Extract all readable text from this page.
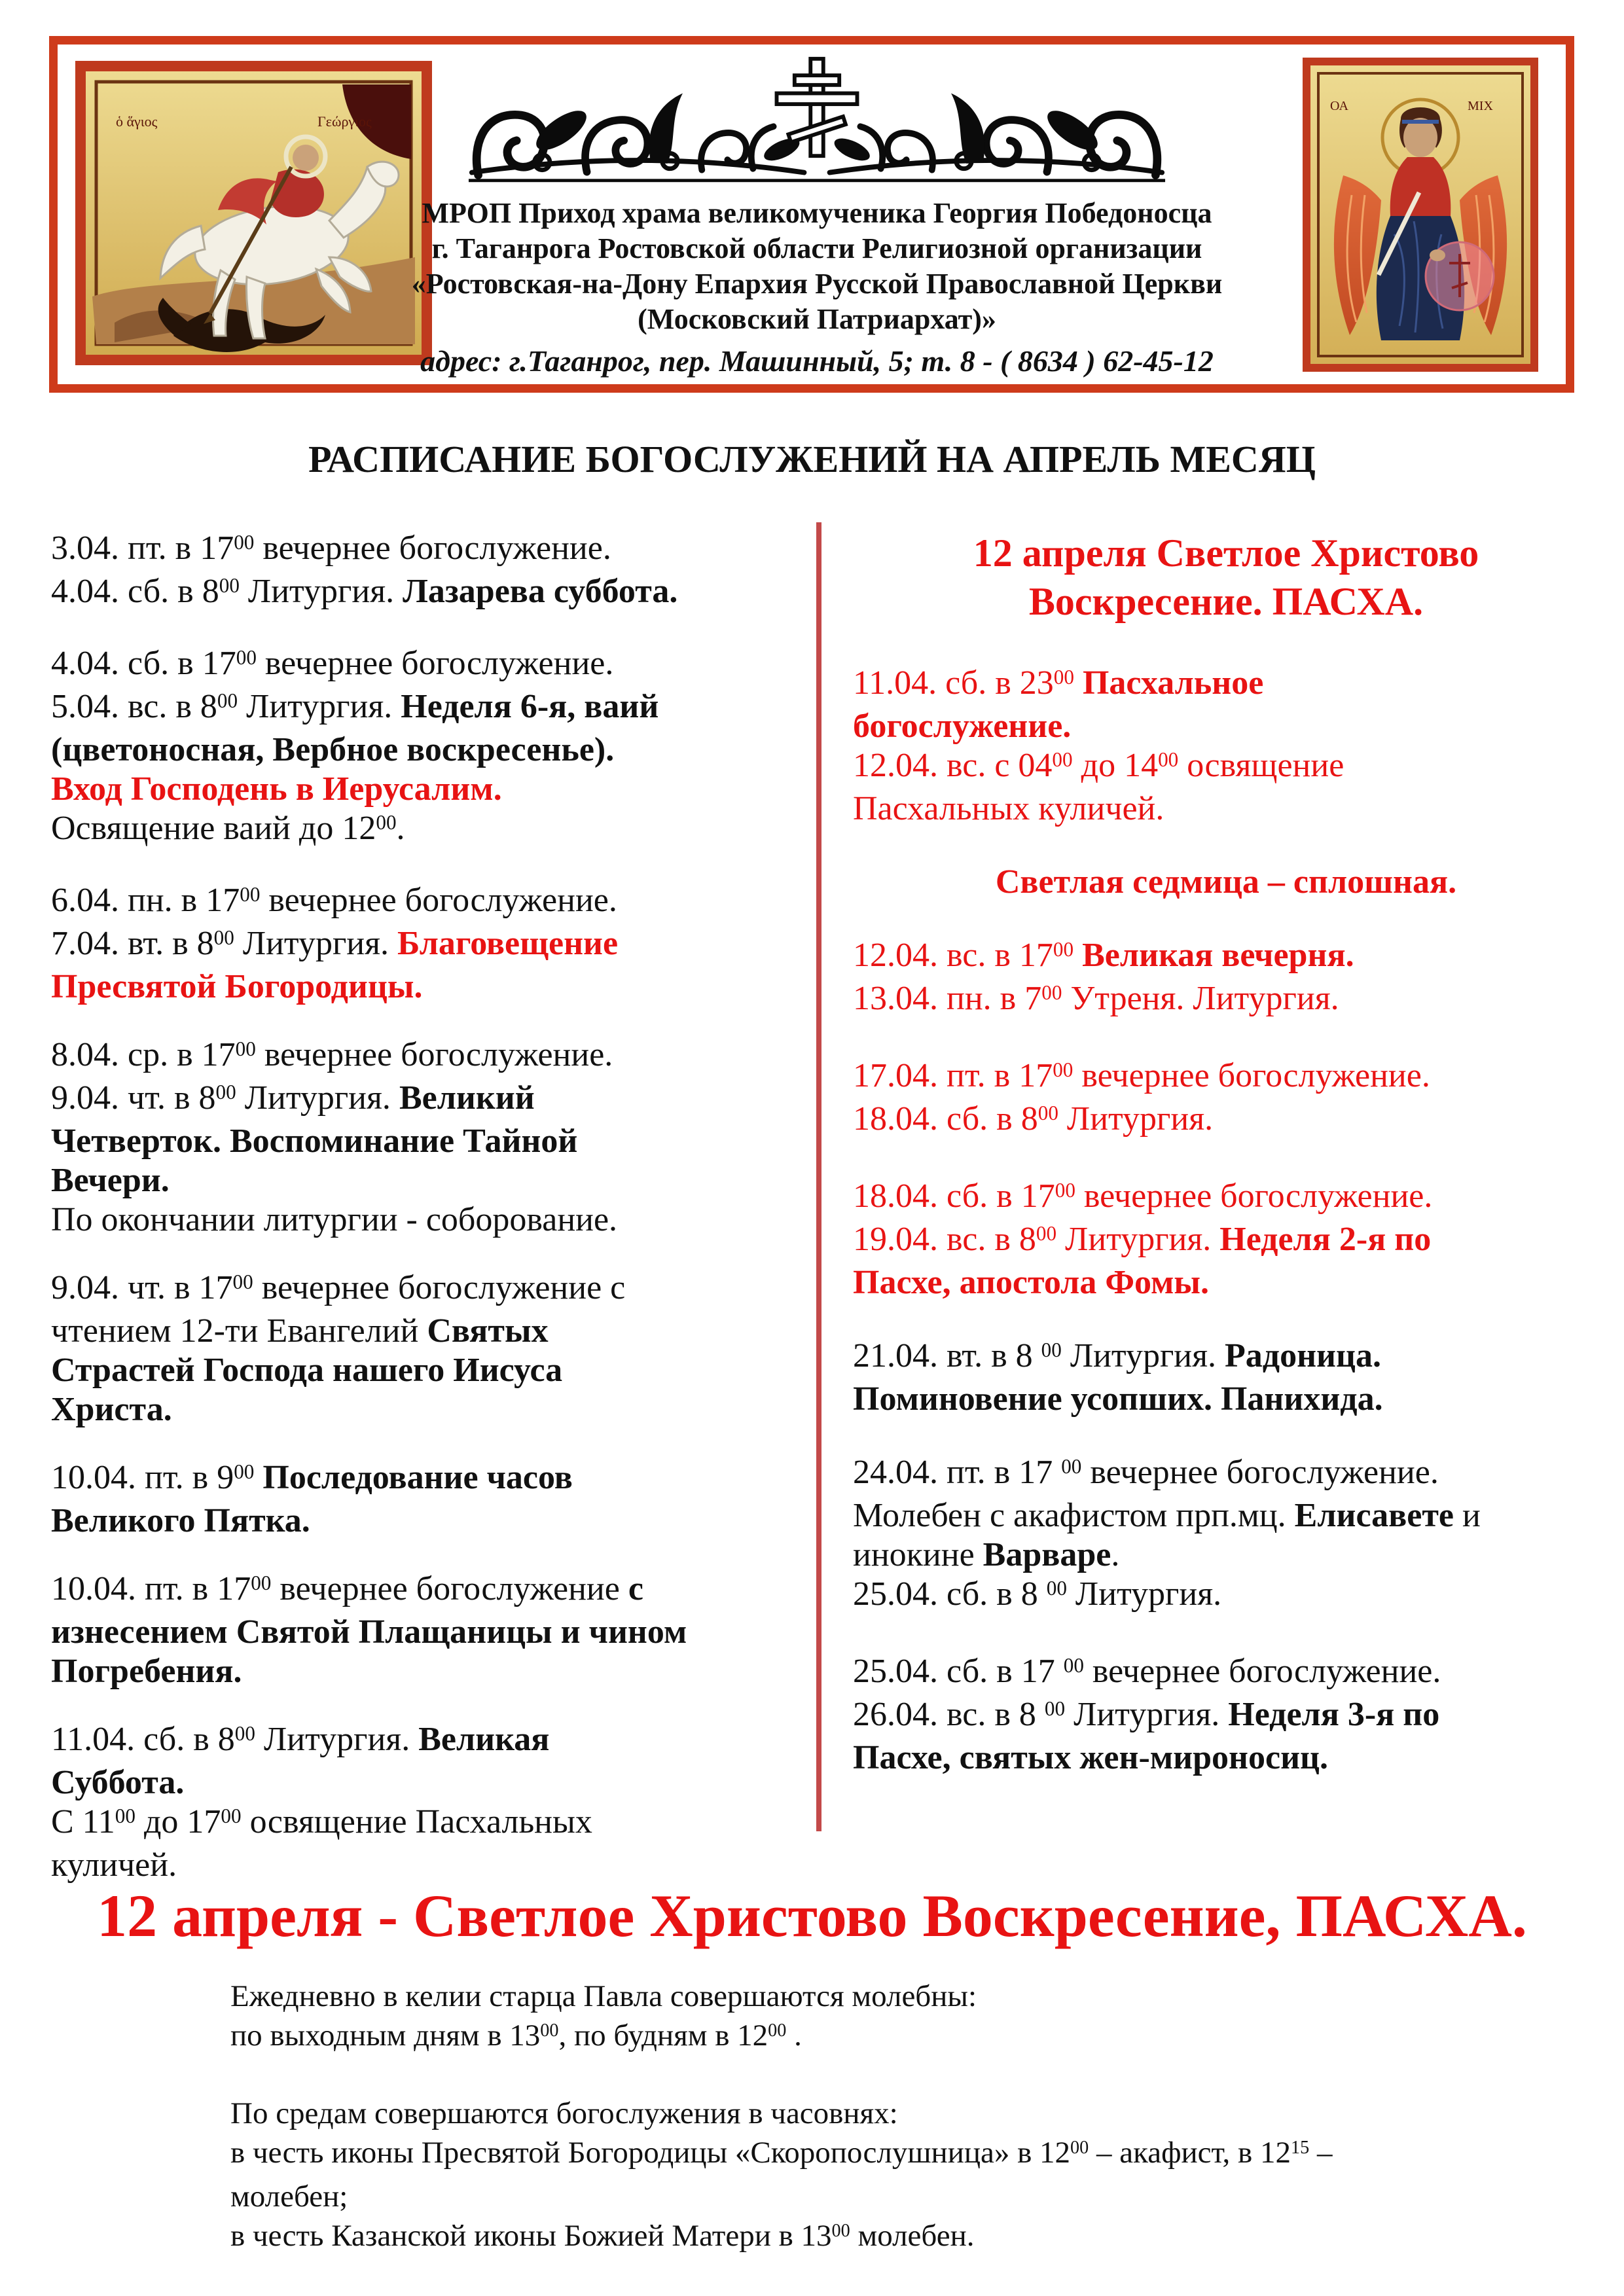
ὁ ἅγιος	Γεώργιος
МРОП Приход храма великомученика Георгия Победоносца
г. Таганрога Ростовской области Религиозной организации
«Ростовская-на-Дону Епархия Русской Православной Церкви
(Московский Патриархат)»
адрес: г.Таганрог, пер. Машинный, 5; т. 8 - ( 8634 ) 62-45-12
ΟΑ	ΜΙΧ
РАСПИСАНИЕ БОГОСЛУЖЕНИЙ НА АПРЕЛЬ МЕСЯЦ
3.04. пт. в $17^{00}$ вечернее богослужение.
4.04. сб. в $8^{00}$ Литургия. Лазарева суббота.
4.04. сб. в $17^{00}$ вечернее богослужение.
5.04. вс. в $8^{00}$ Литургия. Неделя 6-я, ваий
(цветоносная, Вербное воскресенье).
Вход Господень в Иерусалим.
Освящение ваий до $12^{00}$.
6.04. пн. в $17^{00}$ вечернее богослужение.
7.04. вт. в $8^{00}$ Литургия. Благовещение
Пресвятой Богородицы.
8.04. ср. в $17^{00}$ вечернее богослужение.
9.04. чт. в $8^{00}$ Литургия. Великий
Четверток. Воспоминание Тайной
Вечери.
По окончании литургии - соборование.
9.04. чт. в $17^{00}$ вечернее богослужение с
чтением 12-ти Евангелий Святых
Страстей Господа нашего Иисуса
Христа.
10.04. пт. в $9^{00}$ Последование часов
Великого Пятка.
10.04. пт. в $17^{00}$ вечернее богослужение с
изнесением Святой Плащаницы и чином
Погребения.
11.04. сб. в $8^{00}$ Литургия. Великая
Суббота.
С $11^{00}$ до $17^{00}$ освящение Пасхальных
куличей.
12 апреля Светлое Христово
Воскресение. ПАСХА.
11.04. сб. в $23^{00}$ Пасхальное
богослужение.
12.04. вс. с $04^{00}$ до $14^{00}$ освящение
Пасхальных куличей.
Светлая седмица – сплошная.
12.04. вс. в $17^{00}$ Великая вечерня.
13.04. пн. в $7^{00}$ Утреня. Литургия.
17.04. пт. в $17^{00}$ вечернее богослужение.
18.04. сб. в $8^{00}$ Литургия.
18.04. сб. в $17^{00}$ вечернее богослужение.
19.04. вс. в $8^{00}$ Литургия. Неделя 2-я по
Пасхе, апостола Фомы.
21.04. вт. в 8 $^{00}$ Литургия. Радоница.
Поминовение усопших. Панихида.
24.04. пт. в 17 $^{00}$ вечернее богослужение.
Молебен с акафистом прп.мц. Елисавете и
инокине Варваре.
25.04. сб. в 8 $^{00}$ Литургия.
25.04. сб. в 17 $^{00}$ вечернее богослужение.
26.04. вс. в 8 $^{00}$ Литургия. Неделя 3-я по
Пасхе, святых жен-мироносиц.
12 апреля - Светлое Христово Воскресение, ПАСХА.
Ежедневно в келии старца Павла совершаются молебны:
по выходным дням в $13^{00}$, по будням в $12^{00}$ .
По средам совершаются богослужения в часовнях:
в честь иконы Пресвятой Богородицы «Скоропослушница» в $12^{00}$ – акафист, в $12^{15}$ –
молебен;
в честь Казанской иконы Божией Матери в $13^{00}$ молебен.
